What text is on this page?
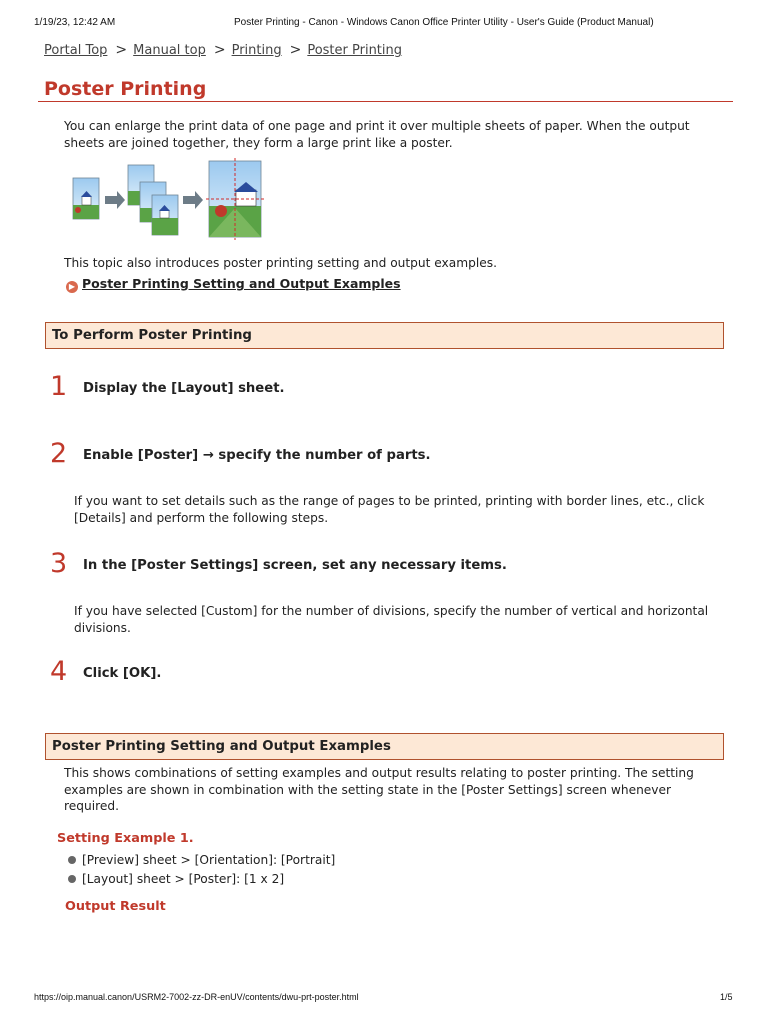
1/19/23, 12:42 AM	Poster Printing - Canon - Windows Canon Office Printer Utility - User's Guide (Product Manual)
Portal Top > Manual top > Printing > Poster Printing
Poster Printing

You can enlarge the print data of one page and print it over multiple sheets of paper. When the output sheets are joined together, they form a large print like a poster.

This topic also introduces poster printing setting and output examples.

▶ Poster Printing Setting and Output Examples
To Perform Poster Printing
1 Display the [Layout] sheet.

2 Enable [Poster] → specify the number of parts.

If you want to set details such as the range of pages to be printed, printing with border lines, etc., click [Details] and perform the following steps.

3 In the [Poster Settings] screen, set any necessary items.

If you have selected [Custom] for the number of divisions, specify the number of vertical and horizontal divisions.

4 Click [OK].

Poster Printing Setting and Output Examples

This shows combinations of setting examples and output results relating to poster printing. The setting examples are shown in combination with the setting state in the [Poster Settings] screen whenever required.

Setting Example 1.
[Preview] sheet > [Orientation]: [Portrait]
[Layout] sheet > [Poster]: [1 x 2]
Output Result
https://oip.manual.canon/USRM2-7002-zz-DR-enUV/contents/dwu-prt-poster.html	1/5
